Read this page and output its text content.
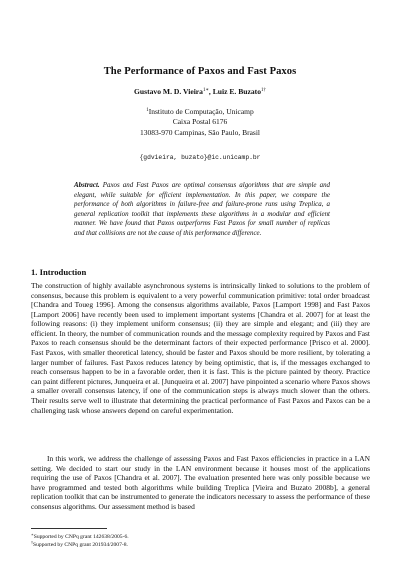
The Performance of Paxos and Fast Paxos
Gustavo M. D. Vieira$^{1∗}$, Luiz E. Buzato$^{1\dagger}$
$^1$Instituto de Computação, Unicamp
Caixa Postal 6176
13083-970 Campinas, São Paulo, Brasil
{gdvieira, buzato}@ic.unicamp.br
Abstract. Paxos and Fast Paxos are optimal consensus algorithms that are simple and elegant, while suitable for efficient implementation. In this paper, we compare the performance of both algorithms in failure-free and failure-prone runs using Treplica, a general replication toolkit that implements these algorithms in a modular and efficient manner. We have found that Paxos outperforms Fast Paxos for small number of replicas and that collisions are not the cause of this performance difference.
1. Introduction

The construction of highly available asynchronous systems is intrinsically linked to solutions to the problem of consensus, because this problem is equivalent to a very powerful communication primitive: total order broadcast [Chandra and Toueg 1996]. Among the consensus algorithms available, Paxos [Lamport 1998] and Fast Paxos [Lamport 2006] have recently been used to implement important systems [Chandra et al. 2007] for at least the following reasons: (i) they implement uniform consensus; (ii) they are simple and elegant; and (iii) they are efficient. In theory, the number of communication rounds and the message complexity required by Paxos and Fast Paxos to reach consensus should be the determinant factors of their expected performance [Prisco et al. 2000]. Fast Paxos, with smaller theoretical latency, should be faster and Paxos should be more resilient, by tolerating a larger number of failures. Fast Paxos reduces latency by being optimistic, that is, if the messages exchanged to reach consensus happen to be in a favorable order, then it is fast. This is the picture painted by theory. Practice can paint different pictures, Junqueira et al. [Junqueira et al. 2007] have pinpointed a scenario where Paxos shows a smaller overall consensus latency, if one of the communication steps is always much slower than the others. Their results serve well to illustrate that determining the practical performance of Fast Paxos and Paxos can be a challenging task whose answers depend on careful experimentation.

In this work, we address the challenge of assessing Paxos and Fast Paxos efficiencies in practice in a LAN setting. We decided to start our study in the LAN environment because it houses most of the applications requiring the use of Paxos [Chandra et al. 2007]. The evaluation presented here was only possible because we have programmed and tested both algorithms while building Treplica [Vieira and Buzato 2008b], a general replication toolkit that can be instrumented to generate the indicators necessary to assess the performance of these consensus algorithms. Our assessment method is based

∗Supported by CNPq grant 142638/2005-6.
†Supported by CNPq grant 201934/2007-8.
